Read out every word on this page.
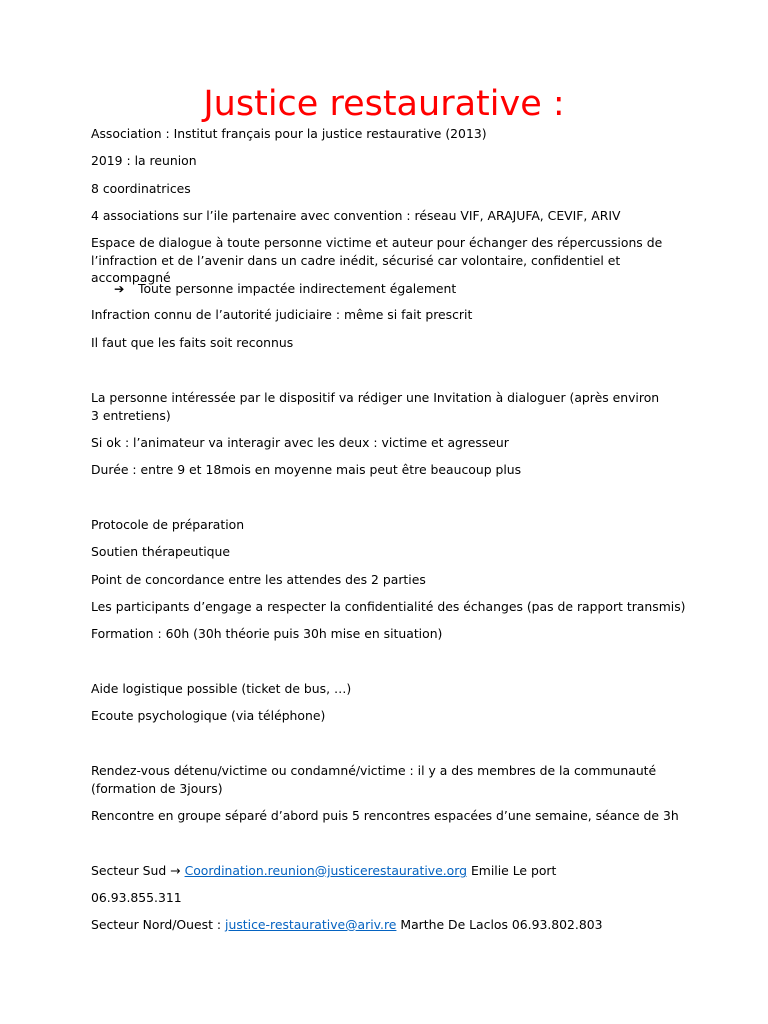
Justice restaurative :
Association : Institut français pour la justice restaurative (2013)
2019 : la reunion
8 coordinatrices
4 associations sur l’ile partenaire avec convention : réseau VIF, ARAJUFA, CEVIF, ARIV
Espace de dialogue à toute personne victime et auteur pour échanger des répercussions de l’infraction et de l’avenir dans un cadre inédit, sécurisé car volontaire, confidentiel et accompagné
➔ Toute personne impactée indirectement également
Infraction connu de l’autorité judiciaire : même si fait prescrit
Il faut que les faits soit reconnus
La personne intéressée par le dispositif va rédiger une Invitation à dialoguer (après environ 3 entretiens)
Si ok : l’animateur va interagir avec les deux : victime et agresseur
Durée : entre 9 et 18mois en moyenne mais peut être beaucoup plus
Protocole de préparation
Soutien thérapeutique
Point de concordance entre les attendes des 2 parties
Les participants d’engage a respecter la confidentialité des échanges (pas de rapport transmis)
Formation : 60h (30h théorie puis 30h mise en situation)
Aide logistique possible (ticket de bus, …)
Ecoute psychologique (via téléphone)
Rendez-vous détenu/victime ou condamné/victime : il y a des membres de la communauté (formation de 3jours)
Rencontre en groupe séparé d’abord puis 5 rencontres espacées d’une semaine, séance de 3h
Secteur Sud → Coordination.reunion@justicerestaurative.org Emilie Le port
06.93.855.311
Secteur Nord/Ouest : justice-restaurative@ariv.re Marthe De Laclos 06.93.802.803
